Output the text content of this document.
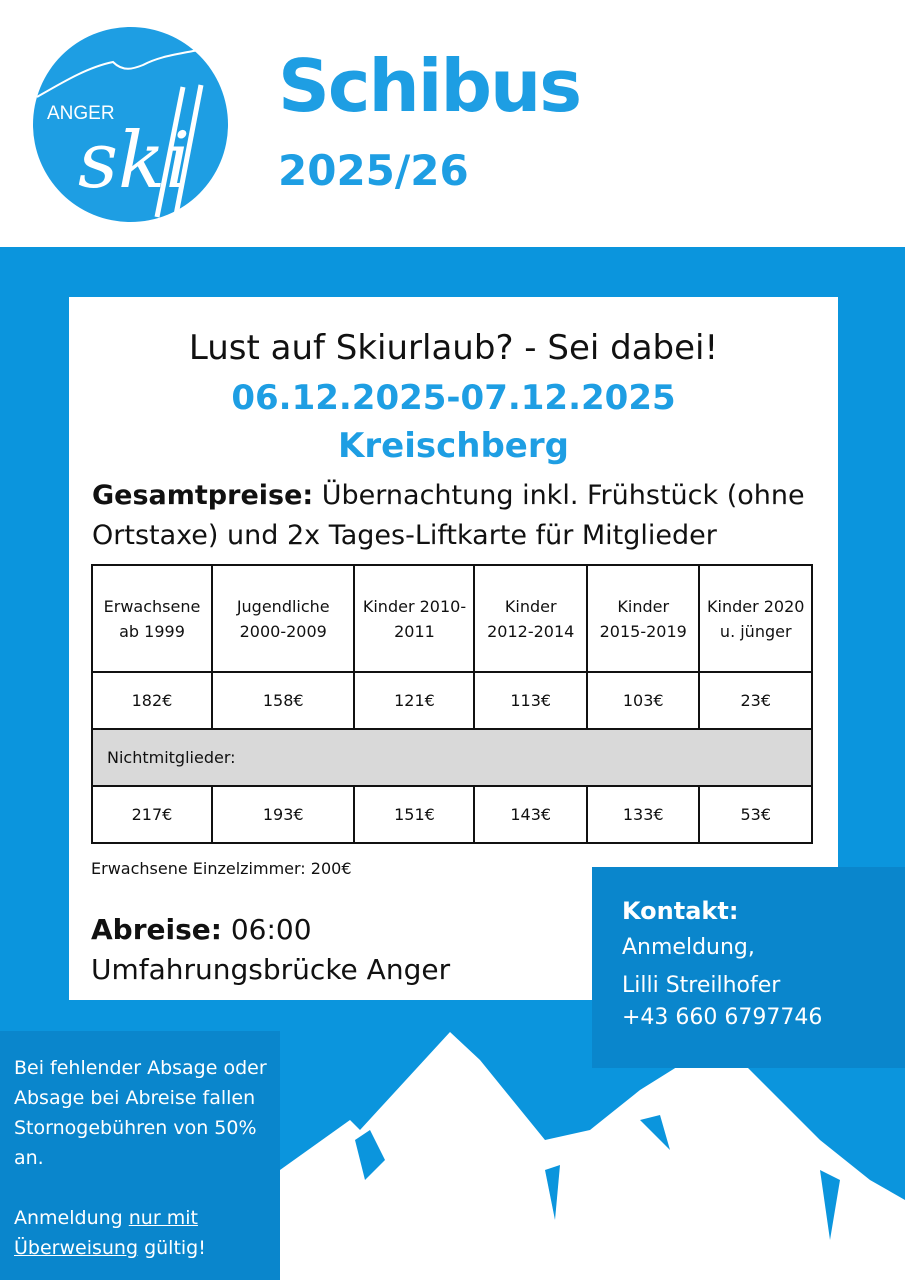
ANGER
ski
Schibus
2025/26
Lust auf Skiurlaub? - Sei dabei!
06.12.2025-07.12.2025
Kreischberg
Gesamtpreise: Übernachtung inkl. Frühstück (ohne Ortstaxe) und 2x Tages-Liftkarte für Mitglieder
Erwachsene ab 1999	Jugendliche 2000-2009	Kinder 2010-2011	Kinder 2012-2014	Kinder 2015-2019	Kinder 2020 u. jünger
182€	158€	121€	113€	103€	23€
Nichtmitglieder:					
217€	193€	151€	143€	133€	53€
Erwachsene Einzelzimmer: 200€
Abreise: 06:00
Umfahrungsbrücke Anger
Kontakt:
Anmeldung,
Lilli Streilhofer
+43 660 6797746
Bei fehlender Absage oder Absage bei Abreise fallen Stornogebühren von 50% an.
Anmeldung nur mit Überweisung gültig!
